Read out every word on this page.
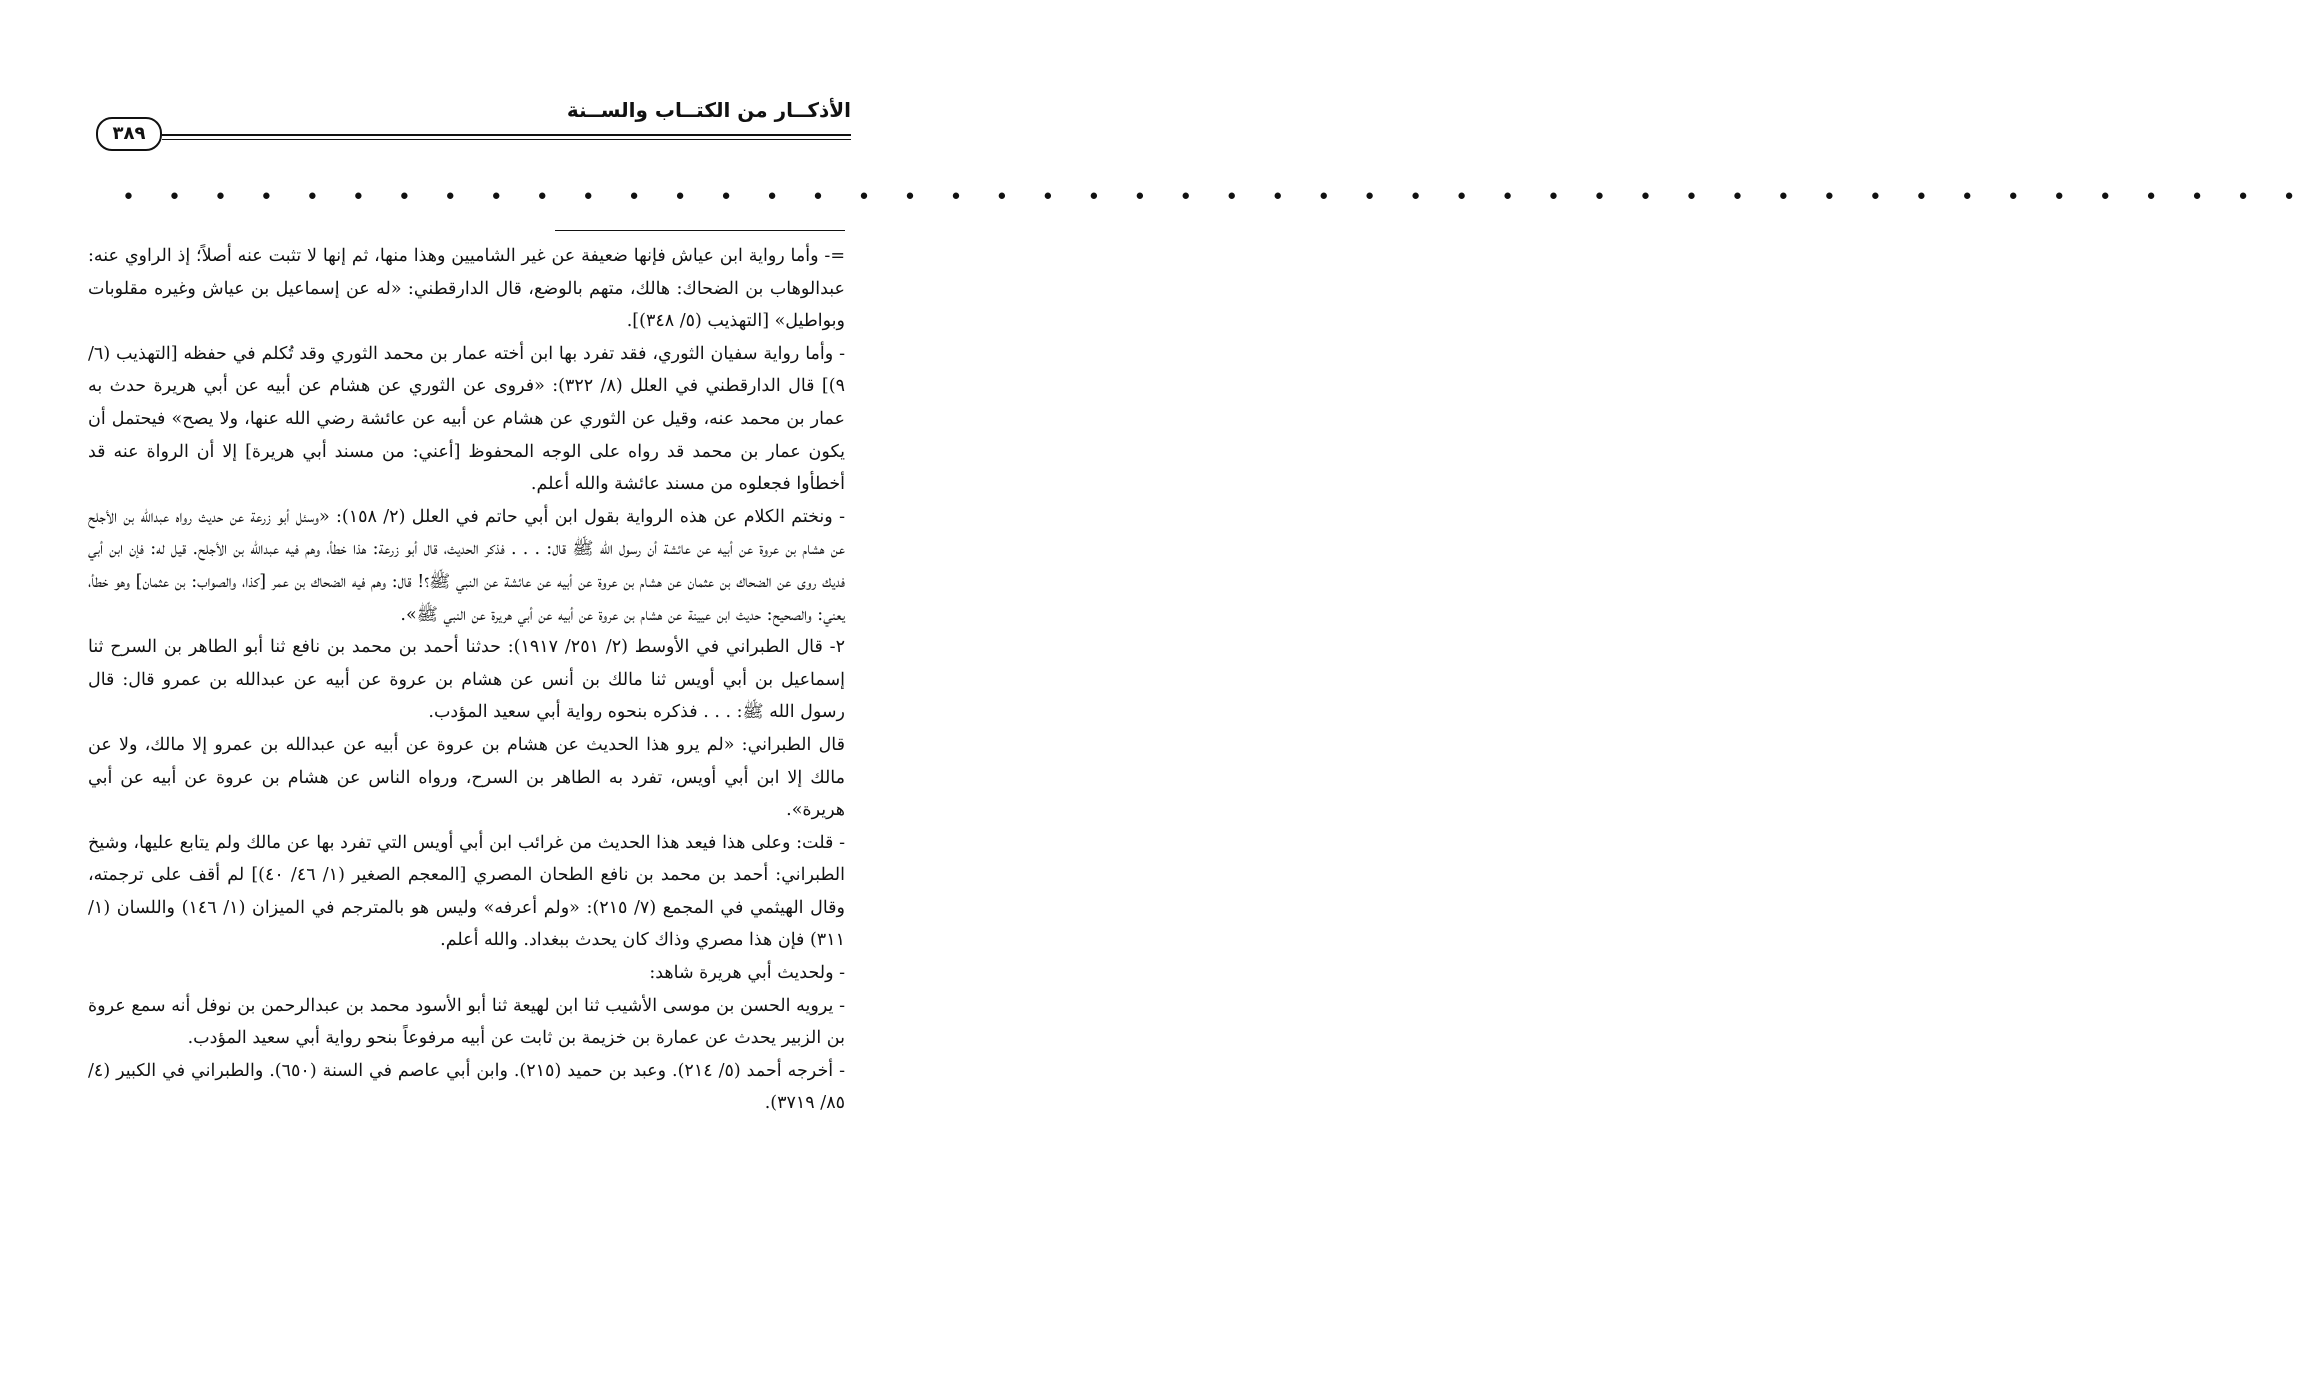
الأذكــار من الكتــاب والســنة
٣٨٩
• • • • • • • • • • • • • • • • • • • • • • • • • • • • • • • • • • • • • • • • • • • • • • • •

=- وأما رواية ابن عياش فإنها ضعيفة عن غير الشاميين وهذا منها، ثم إنها لا تثبت عنه أصلاً؛ إذ الراوي عنه: عبدالوهاب بن الضحاك: هالك، متهم بالوضع، قال الدارقطني: «له عن إسماعيل بن عياش وغيره مقلوبات وبواطيل» [التهذيب (٥/ ٣٤٨)].

- وأما رواية سفيان الثوري، فقد تفرد بها ابن أخته عمار بن محمد الثوري وقد تُكلم في حفظه [التهذيب (٦/ ٩)] قال الدارقطني في العلل (٨/ ٣٢٢): «فروى عن الثوري عن هشام عن أبيه عن أبي هريرة حدث به عمار بن محمد عنه، وقيل عن الثوري عن هشام عن أبيه عن عائشة رضي الله عنها، ولا يصح» فيحتمل أن يكون عمار بن محمد قد رواه على الوجه المحفوظ [أعني: من مسند أبي هريرة] إلا أن الرواة عنه قد أخطأوا فجعلوه من مسند عائشة والله أعلم.

- ونختم الكلام عن هذه الرواية بقول ابن أبي حاتم في العلل (٢/ ١٥٨): «وسئل أبو زرعة عن حديث رواه عبدالله بن الأجلح عن هشام بن عروة عن أبيه عن عائشة أن رسول الله ﷺ قال: . . . فذكر الحديث، قال أبو زرعة: هذا خطأ، وهم فيه عبدالله بن الأجلح. قيل له: فإن ابن أبي فديك روى عن الضحاك بن عثمان عن هشام بن عروة عن أبيه عن عائشة عن النبي ﷺ؟! قال: وهم فيه الضحاك بن عمر [كذا، والصواب: بن عثمان] وهو خطأ، يعني: والصحيح: حديث ابن عيينة عن هشام بن عروة عن أبيه عن أبي هريرة عن النبي ﷺ».

٢- قال الطبراني في الأوسط (٢/ ٢٥١/ ١٩١٧): حدثنا أحمد بن محمد بن نافع ثنا أبو الطاهر بن السرح ثنا إسماعيل بن أبي أويس ثنا مالك بن أنس عن هشام بن عروة عن أبيه عن عبدالله بن عمرو قال: قال رسول الله ﷺ: . . . فذكره بنحوه رواية أبي سعيد المؤدب.

قال الطبراني: «لم يرو هذا الحديث عن هشام بن عروة عن أبيه عن عبدالله بن عمرو إلا مالك، ولا عن مالك إلا ابن أبي أويس، تفرد به الطاهر بن السرح، ورواه الناس عن هشام بن عروة عن أبيه عن أبي هريرة».

- قلت: وعلى هذا فيعد هذا الحديث من غرائب ابن أبي أويس التي تفرد بها عن مالك ولم يتابع عليها، وشيخ الطبراني: أحمد بن محمد بن نافع الطحان المصري [المعجم الصغير (١/ ٤٦/ ٤٠)] لم أقف على ترجمته، وقال الهيثمي في المجمع (٧/ ٢١٥): «ولم أعرفه» وليس هو بالمترجم في الميزان (١/ ١٤٦) واللسان (١/ ٣١١) فإن هذا مصري وذاك كان يحدث ببغداد. والله أعلم.

- ولحديث أبي هريرة شاهد:

- يرويه الحسن بن موسى الأشيب ثنا ابن لهيعة ثنا أبو الأسود محمد بن عبدالرحمن بن نوفل أنه سمع عروة بن الزبير يحدث عن عمارة بن خزيمة بن ثابت عن أبيه مرفوعاً بنحو رواية أبي سعيد المؤدب.

- أخرجه أحمد (٥/ ٢١٤). وعبد بن حميد (٢١٥). وابن أبي عاصم في السنة (٦٥٠). والطبراني في الكبير (٤/ ٨٥/ ٣٧١٩).
